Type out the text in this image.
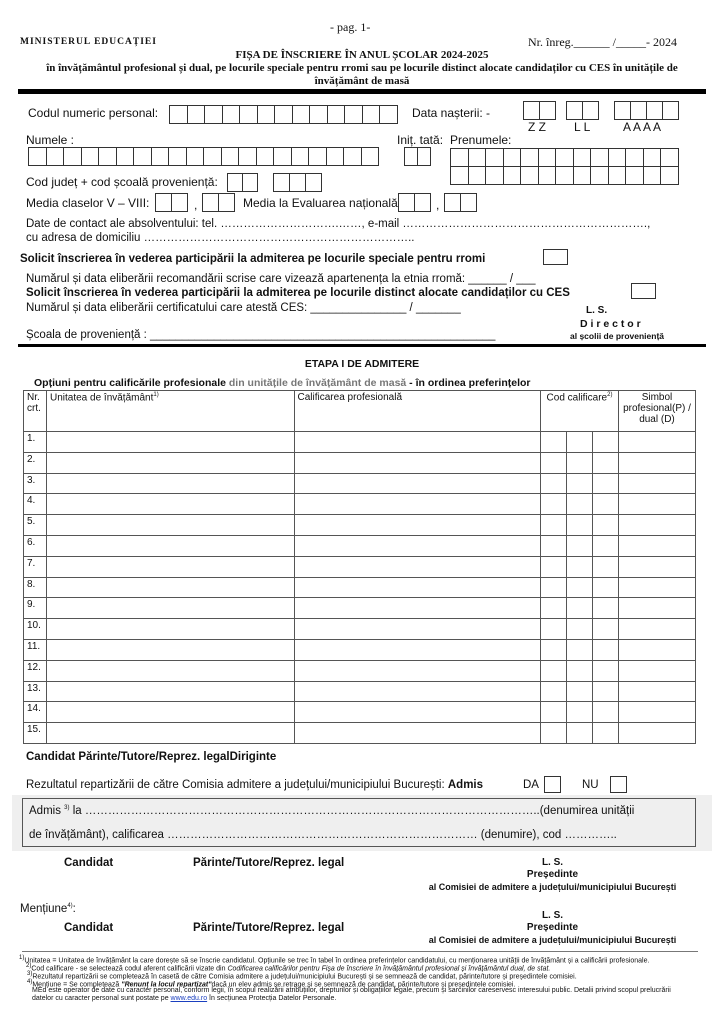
- pag. 1-
MINISTERUL EDUCAȚIEI	Nr. înreg.______ /_____- 2024
FIȘA DE ÎNSCRIERE ÎN ANUL ȘCOLAR 2024-2025
în învățământul profesional și dual, pe locurile speciale pentru rromi sau pe locurile distinct alocate candidaților cu CES în unitățile de
învățământ de masă
Codul numeric personal:	Data nașterii: -
Z Z L L	A A A A
Numele :	Iniț. tată: Prenumele:
Cod județ + cod școală proveniență:
Media claselor V – VIII:	,	Media la Evaluarea națională	,
Date de contact ale absolventului: tel. ………………………….……, e-mail ……………………………………………………….,
cu adresa de domiciliu ……………………………………………………………..
Solicit înscrierea în vederea participării la admiterea pe locurile speciale pentru rromi
Numărul și data eliberării recomandării scrise care vizează apartenența la etnia rromă: ______ / ___
Solicit înscrierea în vederea participării la admiterea pe locurile distinct alocate candidaților cu CES
Numărul și data eliberării certificatului care atestă CES: _______________ / _______	L. S.
D i r e c t o r
al școlii de proveniență
Școala de proveniență : ______________________________________________________
ETAPA I DE ADMITERE
Opțiuni pentru calificările profesionale din unitățile de învățământ de masă - în ordinea preferințelor
Nr. crt.	Unitatea de învățământ$^{1)}$	Calificarea profesională	Cod calificare$^{2)}$			Simbol profesional(P) / dual (D)
1.						
2.						
3.						
4.						
5.						
6.						
7.						
8.						
9.						
10.						
11.						
12.						
13.						
14.						
15.						
Candidat Părinte/Tutore/Reprez. legalDiriginte
Rezultatul repartizării de către Comisia admitere a județului/municipiului București: Admis	DA	NU
Admis $^{3)}$ la ………………………………………………………………………………………………………..(denumirea unității
de învățământ), calificarea ……………………………………………………………………… (denumire), cod …………..
Candidat	Părinte/Tutore/Reprez. legal	L. S.
Președinte
al Comisiei de admitere a județului/municipiului București
Mențiune$^{4)}$:
Candidat	Părinte/Tutore/Reprez. legal
L. S.
Președinte
al Comisiei de admitere a județului/municipiului București
$^{1)}$Unitatea = Unitatea de învățământ la care dorește să se înscrie candidatul. Opțiunile se trec în tabel în ordinea preferințelor candidatului, cu menționarea unității de învățământ și a calificării profesionale.
$^{2)}$Cod calificare - se selectează codul aferent calificării vizate din Codificarea calificărilor pentru Fișa de înscriere în învățământul profesional și învățământul dual, de stat.
$^{3)}$Rezultatul repartizării se completează în casetă de către Comisia admitere a județului/municipiului București și se semnează de candidat, părinte/tutore și președintele comisiei.
$^{4)}$Mențiune = Se completează "Renunț la locul repartizat"dacă un elev admis se retrage și se semnează de candidat, părinte/tutore și președintele comisiei.
MEd este operator de date cu caracter personal, conform legii, în scopul realizării atribuțiilor, drepturilor și obligațiilor legale, precum și sarcinilor careservesc interesului public. Detalii privind scopul prelucrării
datelor cu caracter personal sunt postate pe www.edu.ro în secțiunea Protecția Datelor Personale.
